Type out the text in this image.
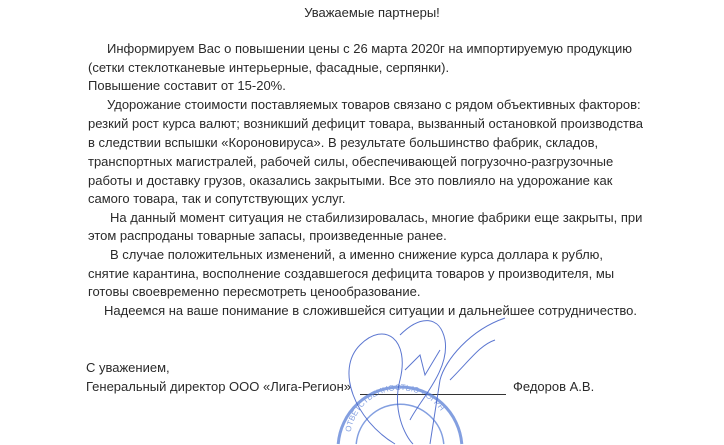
Уважаемые партнеры!
Информируем Вас о повышении цены с 26 марта 2020г на импортируемую продукцию
(сетки стеклотканевые интерьерные, фасадные, серпянки).
Повышение составит от 15-20%.
Удорожание стоимости поставляемых товаров связано с рядом объективных факторов:
резкий рост курса валют; возникший дефицит товара, вызванный остановкой производства
в следствии вспышки «Короновируса». В результате большинство фабрик, складов,
транспортных магистралей, рабочей силы, обеспечивающей погрузочно-разгрузочные
работы и доставку грузов, оказались закрытыми. Все это повлияло на удорожание как
самого товара, так и сопутствующих услуг.
На данный момент ситуация не стабилизировалась, многие фабрики еще закрыты, при
этом распроданы товарные запасы, произведенные ранее.
В случае положительных изменений, а именно снижение курса доллара к рублю,
снятие карантина, восполнение создавшегося дефицита товаров у производителя, мы
готовы своевременно пересмотреть ценообразование.
Надеемся на ваше понимание в сложившейся ситуации и дальнейшее сотрудничество.
С уважением,
Генеральный директор ООО «Лига-Регион»	Федоров А.В.
ОТВЕТСТВЕННОСТЬЮ • ОГРН
